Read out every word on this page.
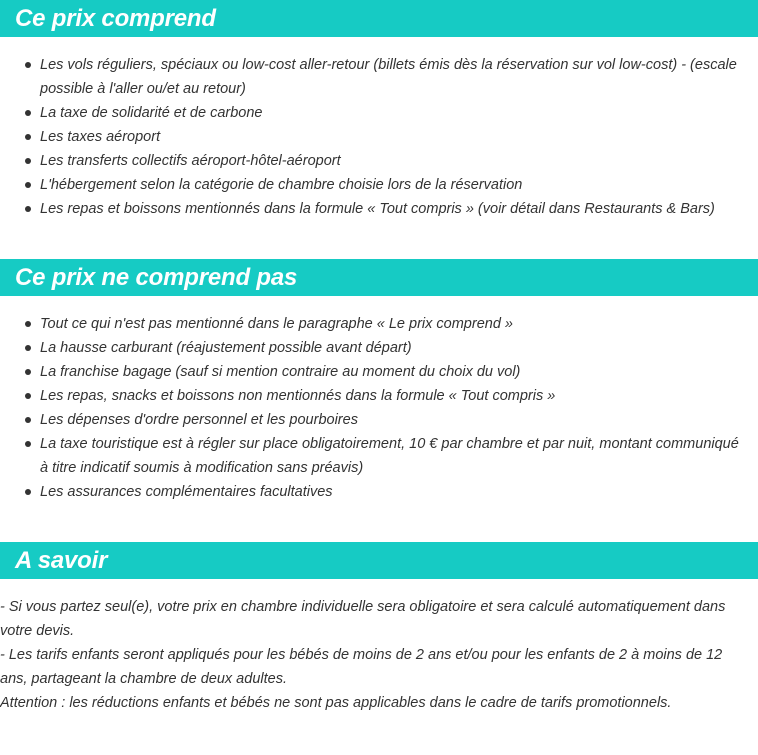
Ce prix comprend
Les vols réguliers, spéciaux ou low-cost aller-retour (billets émis dès la réservation sur vol low-cost) - (escale possible à l'aller ou/et au retour)
La taxe de solidarité et de carbone
Les taxes aéroport
Les transferts collectifs aéroport-hôtel-aéroport
L'hébergement selon la catégorie de chambre choisie lors de la réservation
Les repas et boissons mentionnés dans la formule « Tout compris » (voir détail dans Restaurants & Bars)
Ce prix ne comprend pas
Tout ce qui n'est pas mentionné dans le paragraphe « Le prix comprend »
La hausse carburant (réajustement possible avant départ)
La franchise bagage (sauf si mention contraire au moment du choix du vol)
Les repas, snacks et boissons non mentionnés dans la formule « Tout compris »
Les dépenses d'ordre personnel et les pourboires
La taxe touristique est à régler sur place obligatoirement, 10 € par chambre et par nuit, montant communiqué à titre indicatif soumis à modification sans préavis)
Les assurances complémentaires facultatives
A savoir

- Si vous partez seul(e), votre prix en chambre individuelle sera obligatoire et sera calculé automatiquement dans votre devis.

- Les tarifs enfants seront appliqués pour les bébés de moins de 2 ans et/ou pour les enfants de 2 à moins de 12 ans, partageant la chambre de deux adultes.

Attention : les réductions enfants et bébés ne sont pas applicables dans le cadre de tarifs promotionnels.
